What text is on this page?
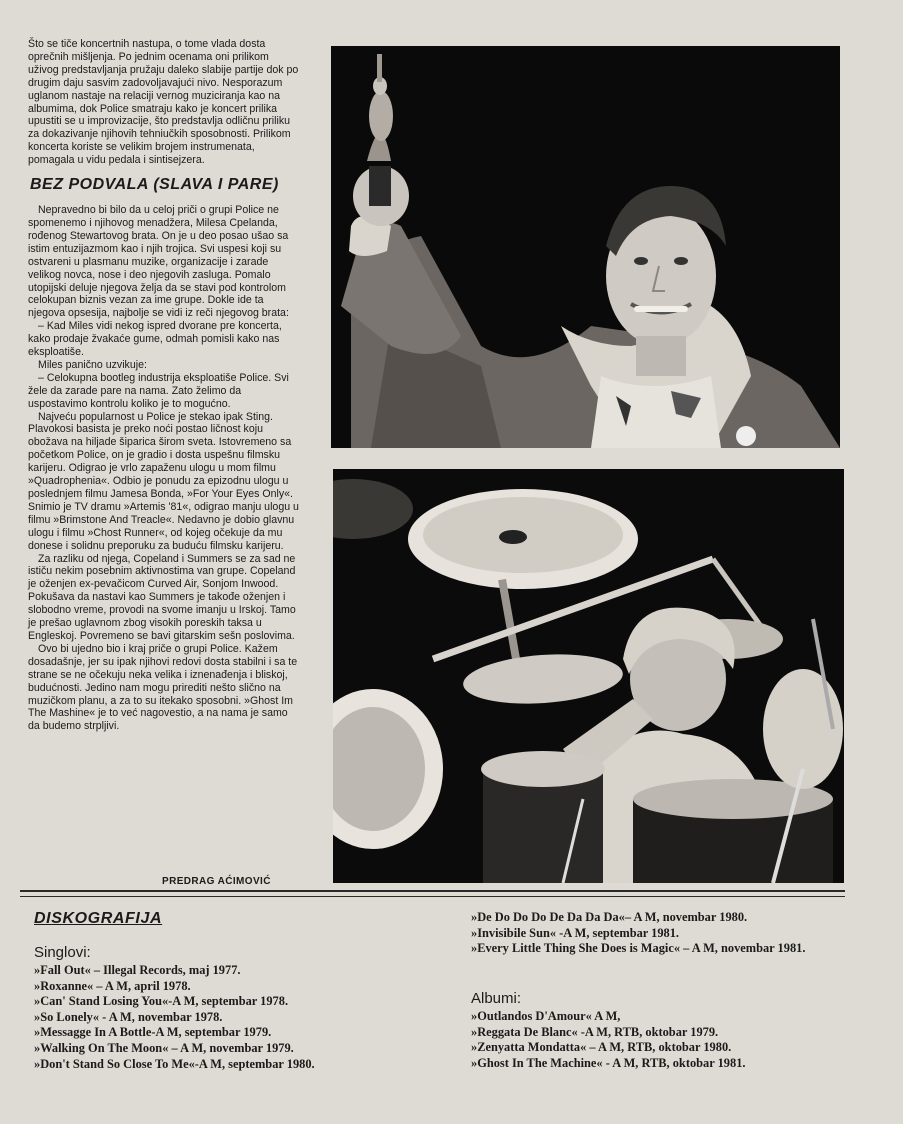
Što se tiče koncertnih nastupa, o tome vlada dosta oprečnih mišljenja. Po jednim ocenama oni prilikom uživog predstavljanja pružaju daleko slabije partije dok po drugim daju sasvim zadovoljavajući nivo. Nesporazum uglanom nastaje na relaciji vernog muziciranja kao na albumima, dok Police smatraju kako je koncert prilika upustiti se u improvizacije, što predstavlja odličnu priliku za dokazivanje njihovih tehniučkih sposobnosti. Prilikom koncerta koriste se velikim brojem instrumenata, pomagala u vidu pedala i sintisejzera.

BEZ PODVALA (SLAVA I PARE)

Nepravedno bi bilo da u celoj priči o grupi Police ne spomenemo i njihovog menadžera, Milesa Cpelanda, rođenog Stewartovog brata. On je u deo posao ušao sa istim entuzijazmom kao i njih trojica. Svi uspesi koji su ostvareni u plasmanu muzike, organizacije i zarade velikog novca, nose i deo njegovih zasluga. Pomalo utopijski deluje njegova želja da se stavi pod kontrolom celokupan biznis vezan za ime grupe. Dokle ide ta njegova opsesija, najbolje se vidi iz reči njegovog brata:

– Kad Miles vidi nekog ispred dvorane pre koncerta, kako prodaje žvakaće gume, odmah pomisli kako nas eksploatiše.

Miles panično uzvikuje:

– Celokupna bootleg industrija eksploatiše Police. Svi žele da zarade pare na nama. Zato želimo da uspostavimo kontrolu koliko je to mogućno.

Najveću popularnost u Police je stekao ipak Sting. Plavokosi basista je preko noći postao ličnost koju obožava na hiljade šiparica širom sveta. Istovremeno sa početkom Police, on je gradio i dosta uspešnu filmsku karijeru. Odigrao je vrlo zapaženu ulogu u mom filmu »Quadrophenia«. Odbio je ponudu za epizodnu ulogu u poslednjem filmu Jamesa Bonda, »For Your Eyes Only«. Snimio je TV dramu »Artemis '81«, odigrao manju ulogu u filmu »Brimstone And Treacle«. Nedavno je dobio glavnu ulogu i filmu »Chost Runner«, od kojeg očekuje da mu donese i solidnu preporuku za buduću filmsku karijeru.

Za razliku od njega, Copeland i Summers se za sad ne ističu nekim posebnim aktivnostima van grupe. Copeland je oženjen ex-pevačicom Curved Air, Sonjom Inwood. Pokušava da nastavi kao Summers je takođe oženjen i slobodno vreme, provodi na svome imanju u Irskoj. Tamo je prešao uglavnom zbog visokih poreskih taksa u Engleskoj. Povremeno se bavi gitarskim sešn poslovima.

Ovo bi ujedno bio i kraj priče o grupi Police. Kažem dosadašnje, jer su ipak njihovi redovi dosta stabilni i sa te strane se ne očekuju neka velika i iznenađenja i bliskoj, budućnosti. Jedino nam mogu prirediti nešto slično na muzičkom planu, a za to su itekako sposobni. »Ghost Im The Mashine« je to već nagovestio, a na nama je samo da budemo strpljivi.

PREDRAG AĆIMOVIĆ
DISKOGRAFIJA
Singlovi:
»Fall Out« – Illegal Records, maj 1977.
»Roxanne« – A M, april 1978.
»Can' Stand Losing You«-A M, septembar 1978.
»So Lonely« - A M, novembar 1978.
»Messagge In A Bottle-A M, septembar 1979.
»Walking On The Moon« – A M, novembar 1979.
»Don't Stand So Close To Me«-A M, septembar 1980.
»De Do Do Do De Da Da Da«– A M, novembar 1980.
»Invisibile Sun« -A M, septembar 1981.
»Every Little Thing She Does is Magic« – A M, novembar 1981.
Albumi:
»Outlandos D'Amour« A M,
»Reggata De Blanc« -A M, RTB, oktobar 1979.
»Zenyatta Mondatta« – A M, RTB, oktobar 1980.
»Ghost In The Machine« - A M, RTB, oktobar 1981.
